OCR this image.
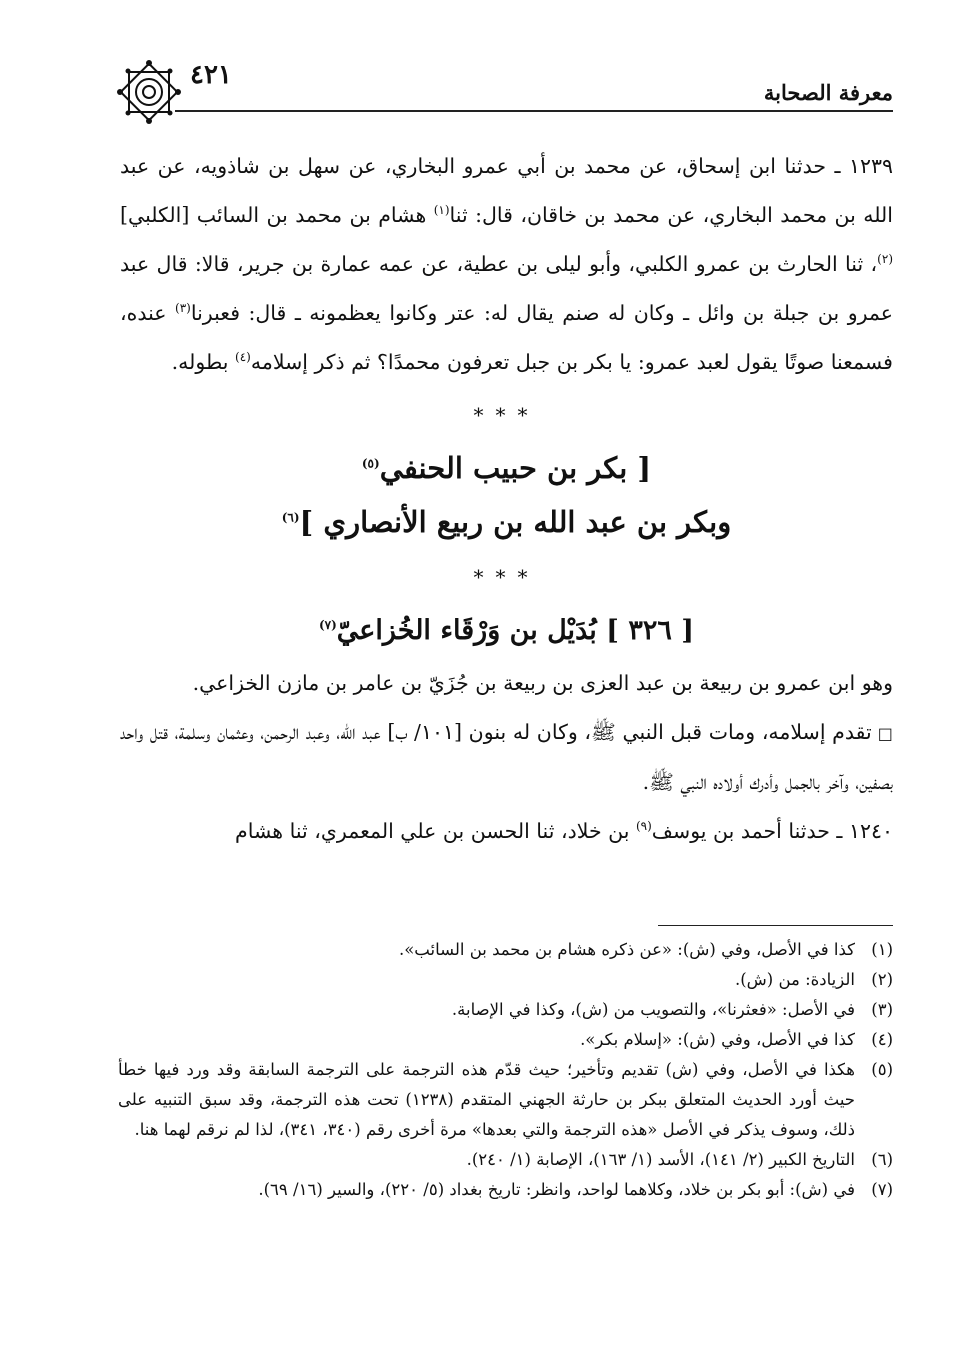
معرفة الصحابة
٤٢١

١٢٣٩ ـ حدثنا ابن إسحاق، عن محمد بن أبي عمرو البخاري، عن سهل بن شاذويه، عن عبد الله بن محمد البخاري، عن محمد بن خاقان، قال: ثنا$^{(١)}$ هشام بن محمد بن السائب [الكلبي]$^{(٢)}$، ثنا الحارث بن عمرو الكلبي، وأبو ليلى بن عطية، عن عمه عمارة بن جرير، قالا: قال عبد عمرو بن جبلة بن وائل ـ وكان له صنم يقال له: عتر وكانوا يعظمونه ـ قال: فعبرنا$^{(٣)}$ عنده، فسمعنا صوتًا يقول لعبد عمرو: يا بكر بن جبل تعرفون محمدًا؟ ثم ذكر إسلامه$^{(٤)}$ بطوله.

***
[ بكر بن حبيب الحنفي$^{(٥)}$
وبكر بن عبد الله بن ربيع الأنصاري ]$^{(٦)}$
***
[ ٣٢٦ ] بُدَيْل بن وَرْقَاء الخُزاعيّ$^{(٧)}$

وهو ابن عمرو بن ربيعة بن عبد العزى بن ربيعة بن جُزَيّ بن عامر بن مازن الخزاعي.

□تقدم إسلامه، ومات قبل النبي ﷺ، وكان له بنون [١٠١/ ب] عبد الله، وعبد الرحمن، وعثمان وسلمة، قتل واحد بصفين، وآخر بالجمل وأدرك أولاده النبي ﷺ.

١٢٤٠ ـ حدثنا أحمد بن يوسف$^{(٩)}$ بن خلاد، ثنا الحسن بن علي المعمري، ثنا هشام

(١)
كذا في الأصل، وفي (ش): «عن ذكره هشام بن محمد بن السائب».
(٢)
الزيادة: من (ش).
(٣)
في الأصل: «فعثرنا»، والتصويب من (ش)، وكذا في الإصابة.
(٤)
كذا في الأصل، وفي (ش): «إسلام بكر».
(٥)
هكذا في الأصل، وفي (ش) تقديم وتأخير؛ حيث قدّم هذه الترجمة على الترجمة السابقة وقد ورد فيها خطأ حيث أورد الحديث المتعلق ببكر بن حارثة الجهني المتقدم (١٢٣٨) تحت هذه الترجمة، وقد سبق التنبيه على ذلك، وسوف يذكر في الأصل «هذه الترجمة والتي بعدها» مرة أخرى رقم (٣٤٠، ٣٤١)، لذا لم نرقم لهما هنا.
(٦)
التاريخ الكبير (٢/ ١٤١)، الأسد (١/ ١٦٣)، الإصابة (١/ ٢٤٠).
(٧)
في (ش): أبو بكر بن خلاد، وكلاهما لواحد، وانظر: تاريخ بغداد (٥/ ٢٢٠)، والسير (١٦/ ٦٩).
